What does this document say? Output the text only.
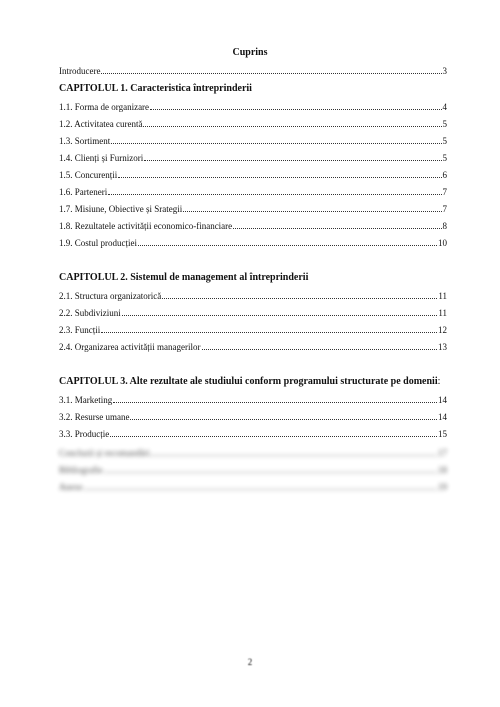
Cuprins
Introducere	3
CAPITOLUL 1. Caracteristica întreprinderii
1.1. Forma de organizare	4
1.2. Activitatea curentă	5
1.3. Sortiment	5
1.4. Clienți și Furnizori	5
1.5. Concurenții	6
1.6. Parteneri	7
1.7. Misiune, Obiective și Srategii	7
1.8. Rezultatele activității economico-financiare	8
1.9. Costul producției	10
CAPITOLUL 2. Sistemul de management al întreprinderii
2.1. Structura organizatorică	11
2.2. Subdiviziuni	11
2.3. Funcții	12
2.4. Organizarea activității managerilor	13
CAPITOLUL 3. Alte rezultate ale studiului conform programului structurate pe domenii:
3.1. Marketing	14
3.2. Resurse umane	14
3.3. Producție	15
Concluzii și recomandări	17
Bibliografie	18
Anexe	19
2
